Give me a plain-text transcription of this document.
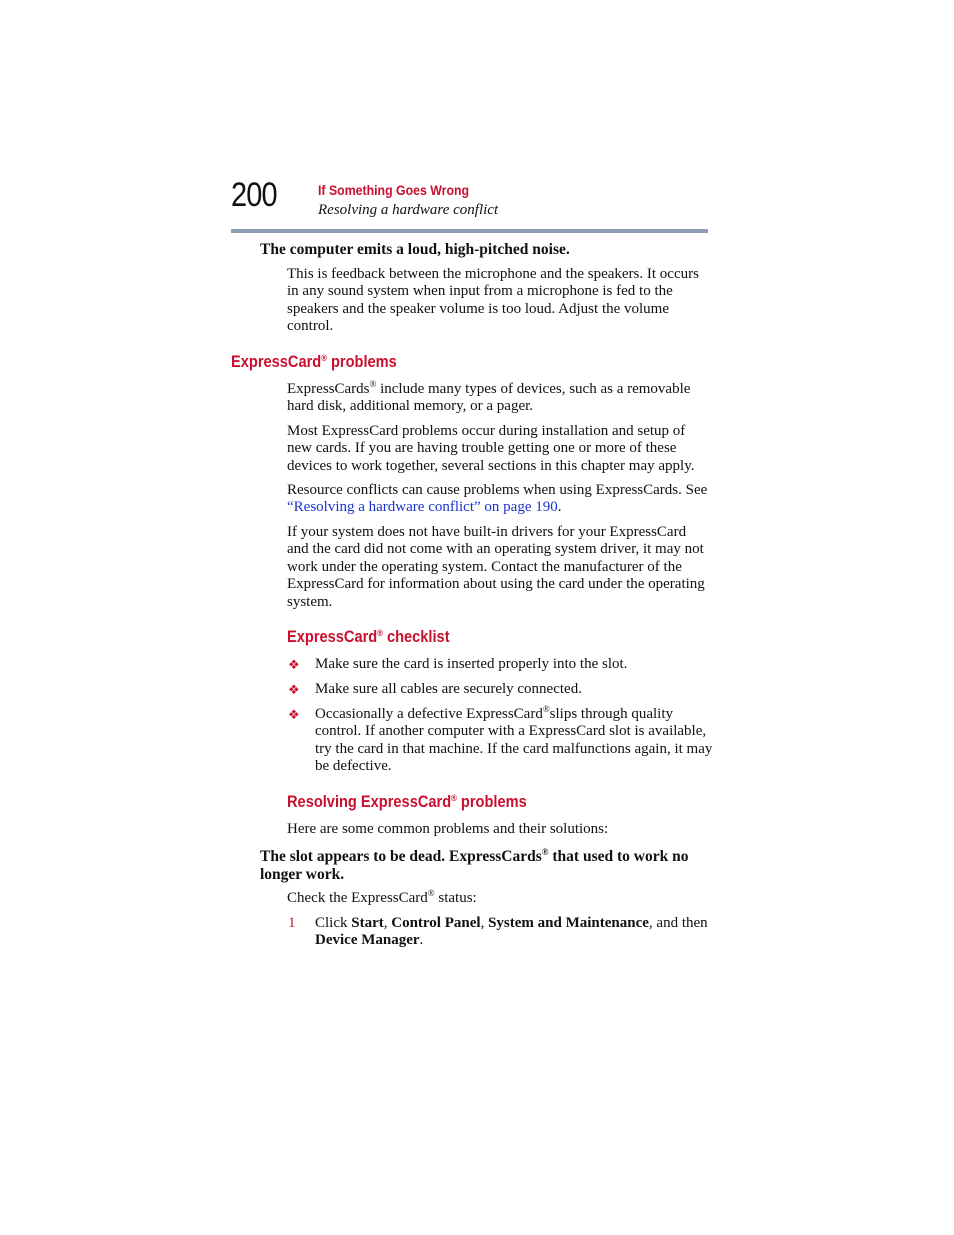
200	If Something Goes Wrong
Resolving a hardware conflict
The computer emits a loud, high-pitched noise.
This is feedback between the microphone and the speakers. It occurs in any sound system when input from a microphone is fed to the speakers and the speaker volume is too loud. Adjust the volume control.
ExpressCard® problems
ExpressCards® include many types of devices, such as a removable hard disk, additional memory, or a pager.
Most ExpressCard problems occur during installation and setup of new cards. If you are having trouble getting one or more of these devices to work together, several sections in this chapter may apply.
Resource conflicts can cause problems when using ExpressCards. See “Resolving a hardware conflict” on page 190.
If your system does not have built-in drivers for your ExpressCard and the card did not come with an operating system driver, it may not work under the operating system. Contact the manufacturer of the ExpressCard for information about using the card under the operating system.
ExpressCard® checklist
❖ Make sure the card is inserted properly into the slot.
❖ Make sure all cables are securely connected.
❖ Occasionally a defective ExpressCard®slips through quality control. If another computer with a ExpressCard slot is available, try the card in that machine. If the card malfunctions again, it may be defective.
Resolving ExpressCard® problems
Here are some common problems and their solutions:
The slot appears to be dead. ExpressCards® that used to work no longer work.
Check the ExpressCard® status:
1 Click Start, Control Panel, System and Maintenance, and then Device Manager.
